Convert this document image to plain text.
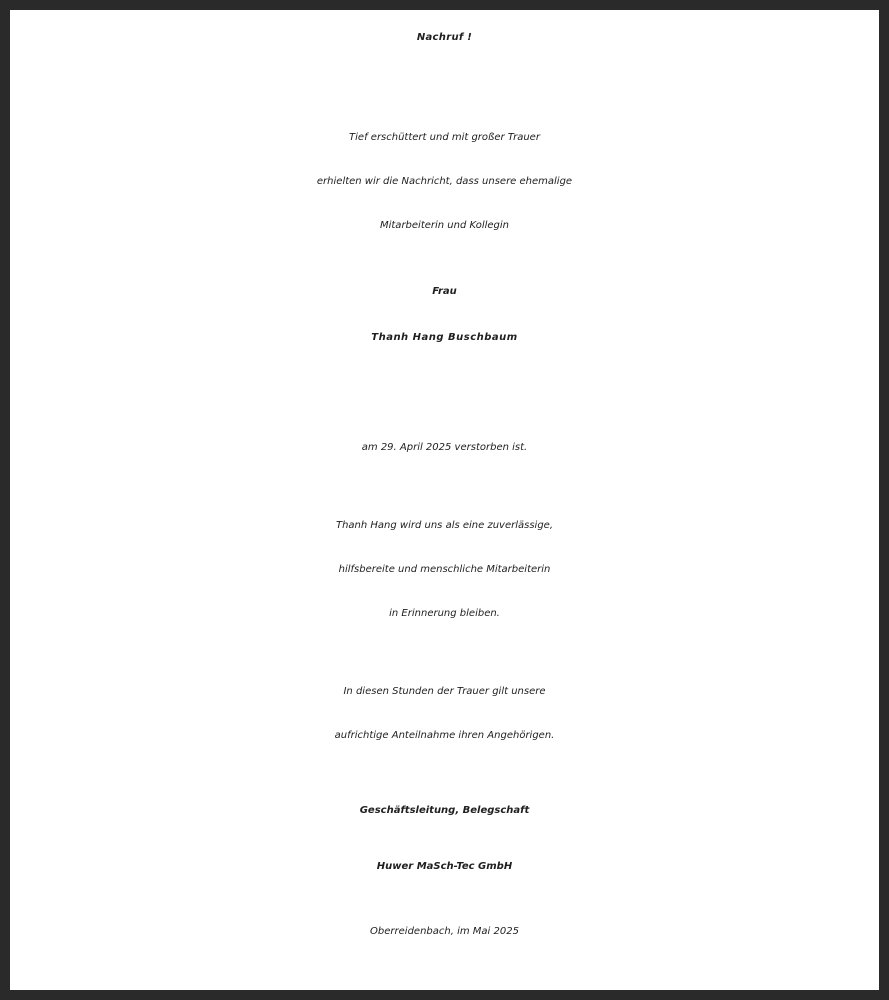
Nachruf !
Tief erschüttert und mit großer Trauer
erhielten wir die Nachricht, dass unsere ehemalige
Mitarbeiterin und Kollegin
Frau
Thanh Hang Buschbaum
am 29. April 2025 verstorben ist.
Thanh Hang wird uns als eine zuverlässige,
hilfsbereite und menschliche Mitarbeiterin
in Erinnerung bleiben.
In diesen Stunden der Trauer gilt unsere
aufrichtige Anteilnahme ihren Angehörigen.
Geschäftsleitung, Belegschaft
Huwer MaSch-Tec GmbH
Oberreidenbach, im Mai 2025
